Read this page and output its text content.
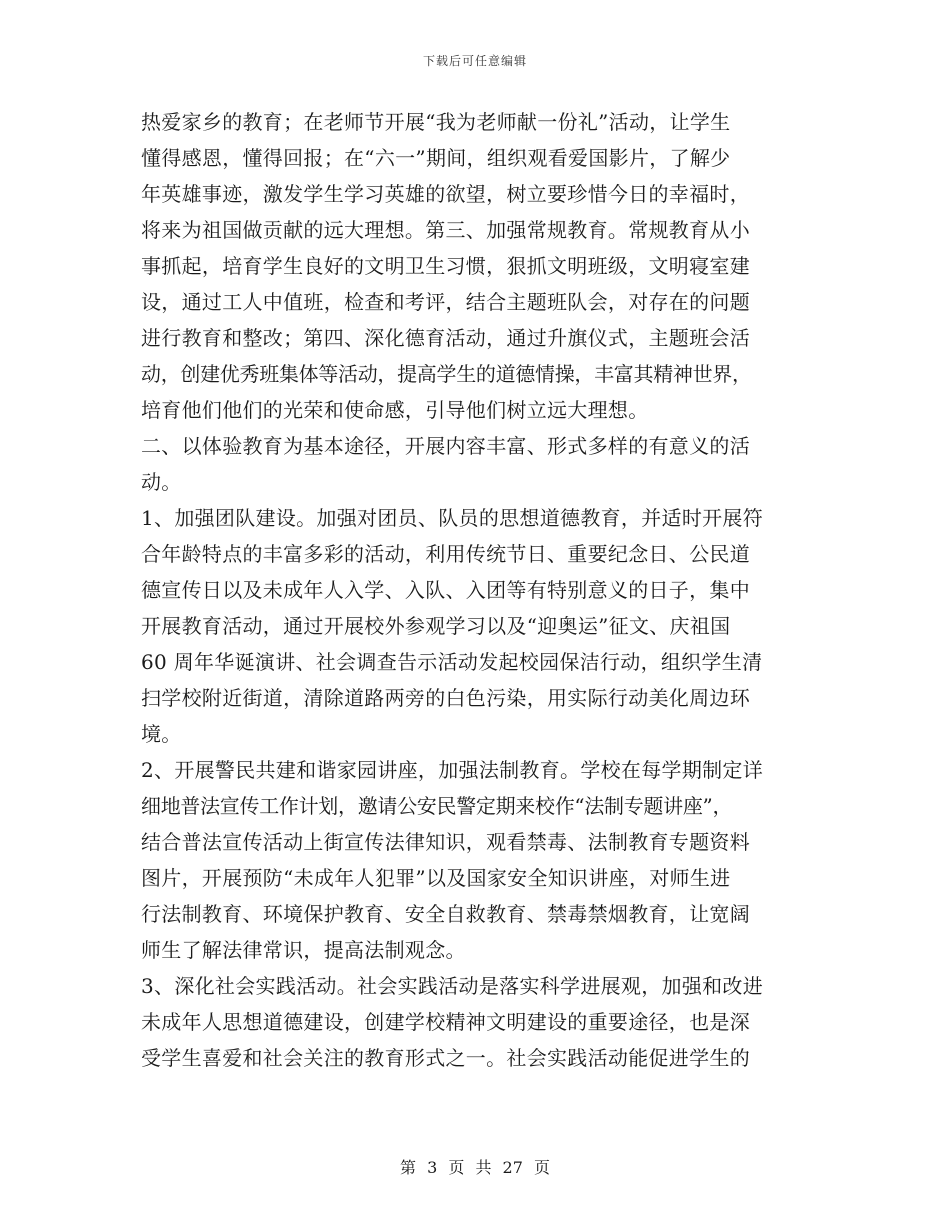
下载后可任意编辑
热爱家乡的教育；在老师节开展“我为老师献一份礼”活动，让学生
懂得感恩，懂得回报；在“六一”期间，组织观看爱国影片，了解少
年英雄事迹，激发学生学习英雄的欲望，树立要珍惜今日的幸福时，
将来为祖国做贡献的远大理想。第三、加强常规教育。常规教育从小
事抓起，培育学生良好的文明卫生习惯，狠抓文明班级，文明寝室建
设，通过工人中值班，检查和考评，结合主题班队会，对存在的问题
进行教育和整改；第四、深化德育活动，通过升旗仪式，主题班会活
动，创建优秀班集体等活动，提高学生的道德情操，丰富其精神世界，
培育他们他们的光荣和使命感，引导他们树立远大理想。
二、以体验教育为基本途径，开展内容丰富、形式多样的有意义的活
动。
1、加强团队建设。加强对团员、队员的思想道德教育，并适时开展符
合年龄特点的丰富多彩的活动，利用传统节日、重要纪念日、公民道
德宣传日以及未成年人入学、入队、入团等有特别意义的日子，集中
开展教育活动，通过开展校外参观学习以及“迎奥运”征文、庆祖国
60 周年华诞演讲、社会调查告示活动发起校园保洁行动，组织学生清
扫学校附近街道，清除道路两旁的白色污染，用实际行动美化周边环
境。
2、开展警民共建和谐家园讲座，加强法制教育。学校在每学期制定详
细地普法宣传工作计划，邀请公安民警定期来校作“法制专题讲座”，
结合普法宣传活动上街宣传法律知识，观看禁毒、法制教育专题资料
图片，开展预防“未成年人犯罪”以及国家安全知识讲座，对师生进
行法制教育、环境保护教育、安全自救教育、禁毒禁烟教育，让宽阔
师生了解法律常识，提高法制观念。
3、深化社会实践活动。社会实践活动是落实科学进展观，加强和改进
未成年人思想道德建设，创建学校精神文明建设的重要途径，也是深
受学生喜爱和社会关注的教育形式之一。社会实践活动能促进学生的
第 3 页 共 27 页
